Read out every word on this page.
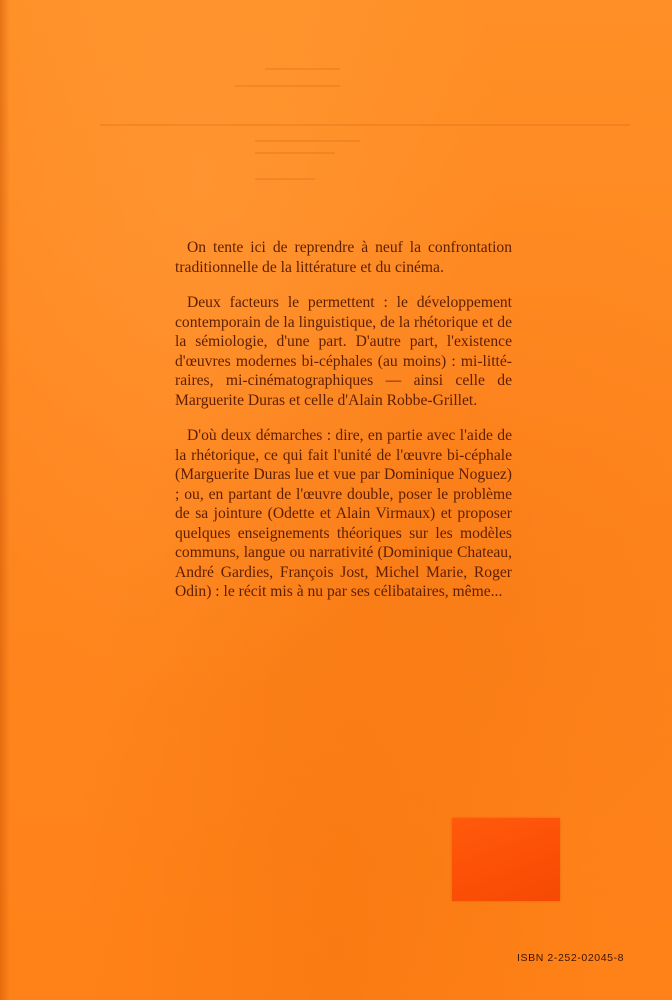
On tente ici de reprendre à neuf la confrontation traditionnelle de la littérature et du cinéma.

Deux facteurs le permettent : le développement contemporain de la linguistique, de la rhétorique et de la sémiologie, d'une part. D'autre part, l'existence d'œuvres modernes bi-céphales (au moins) : mi-littéraires, mi-cinématographiques — ainsi celle de Marguerite Duras et celle d'Alain Robbe-Grillet.

D'où deux démarches : dire, en partie avec l'aide de la rhétorique, ce qui fait l'unité de l'œuvre bi-céphale (Marguerite Duras lue et vue par Dominique Noguez) ; ou, en partant de l'œuvre double, poser le problème de sa jointure (Odette et Alain Virmaux) et proposer quelques enseignements théoriques sur les modèles communs, langue ou narrativité (Dominique Chateau, André Gardies, François Jost, Michel Marie, Roger Odin) : le récit mis à nu par ses célibataires, même...

ISBN 2-252-02045-8
